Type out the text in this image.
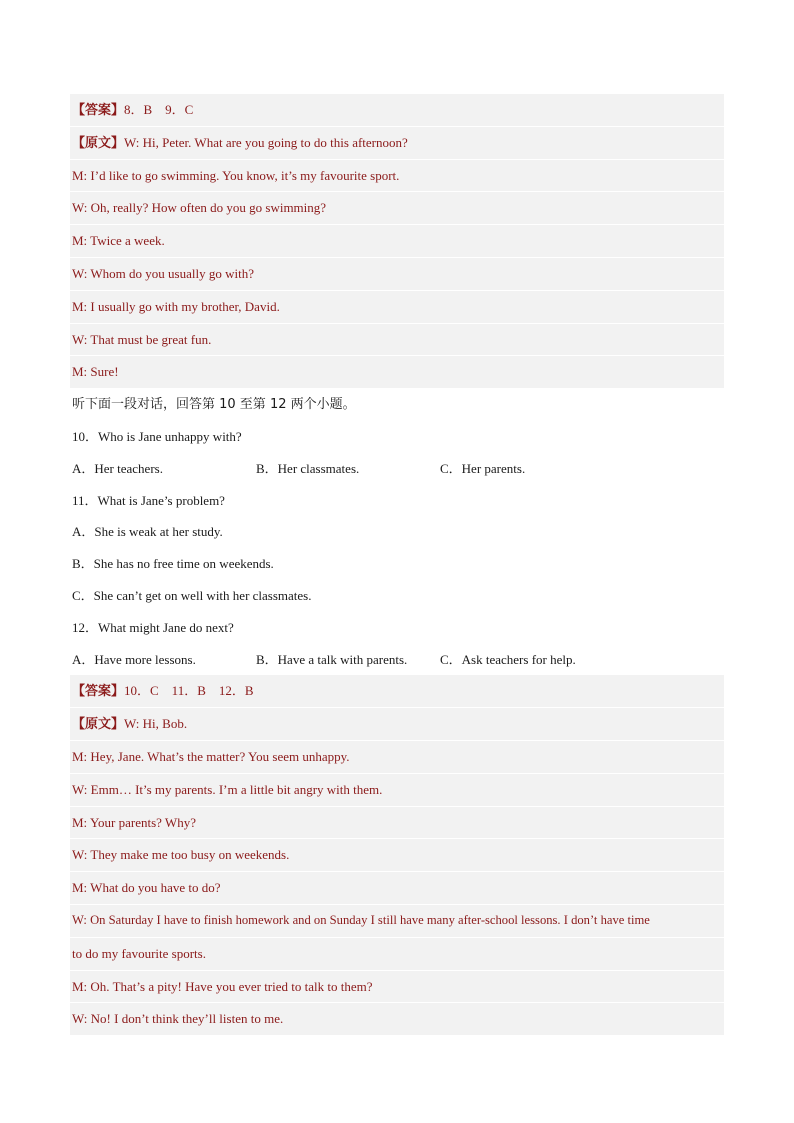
【答案】8．B    9．C
【原文】W: Hi, Peter. What are you going to do this afternoon?
M: I’d like to go swimming. You know, it’s my favourite sport.
W: Oh, really? How often do you go swimming?
M: Twice a week.
W: Whom do you usually go with?
M: I usually go with my brother, David.
W: That must be great fun.
M: Sure!
听下面一段对话，回答第 10 至第 12 两个小题。
10．Who is Jane unhappy with?
A．Her teachers.	B．Her classmates.	C．Her parents.
11．What is Jane’s problem?
A．She is weak at her study.
B．She has no free time on weekends.
C．She can’t get on well with her classmates.
12．What might Jane do next?
A．Have more lessons.	B．Have a talk with parents.	C．Ask teachers for help.
【答案】10．C    11．B    12．B
【原文】W: Hi, Bob.
M: Hey, Jane. What’s the matter? You seem unhappy.
W: Emm… It’s my parents. I’m a little bit angry with them.
M: Your parents? Why?
W: They make me too busy on weekends.
M: What do you have to do?
W: On Saturday I have to finish homework and on Sunday I still have many after-school lessons. I don’t have time
to do my favourite sports.
M: Oh. That’s a pity! Have you ever tried to talk to them?
W: No! I don’t think they’ll listen to me.
